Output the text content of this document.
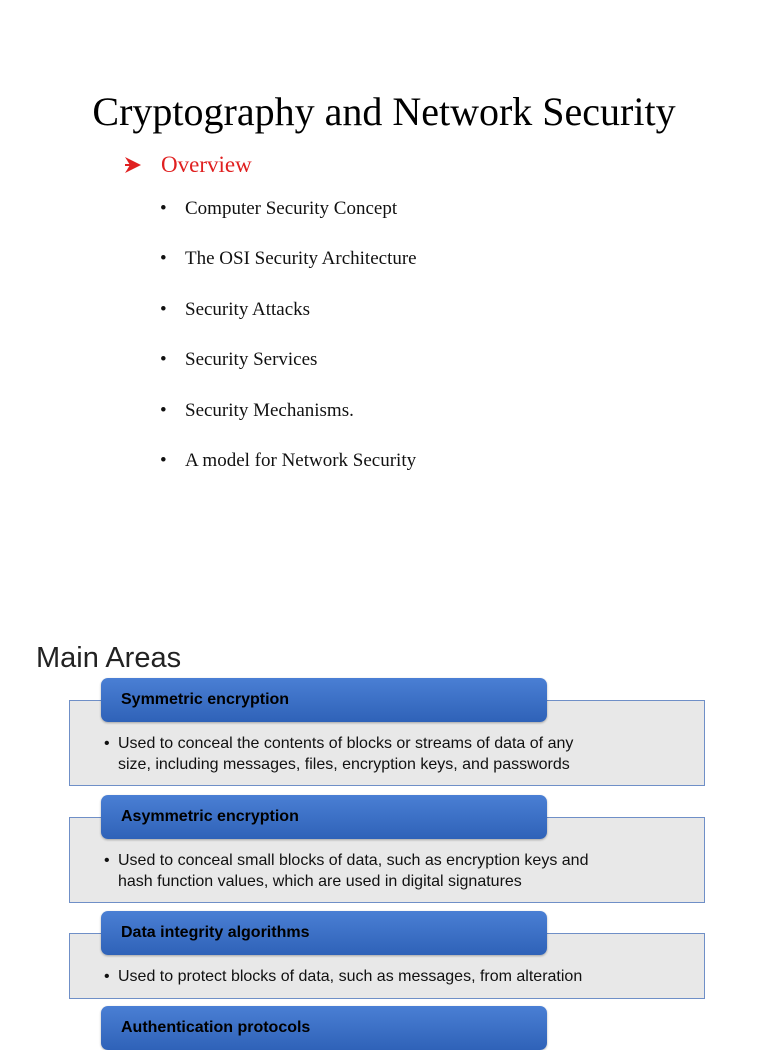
Cryptography and Network Security
Overview
• Computer Security Concept
• The OSI Security Architecture
• Security Attacks
• Security Services
• Security Mechanisms.
• A model for Network Security
Main Areas
• Used to conceal the contents of blocks or streams of data of any
size, including messages, files, encryption keys, and passwords
Symmetric encryption
• Used to conceal small blocks of data, such as encryption keys and
hash function values, which are used in digital signatures
Asymmetric encryption
• Used to protect blocks of data, such as messages, from alteration
Data integrity algorithms
Authentication protocols
